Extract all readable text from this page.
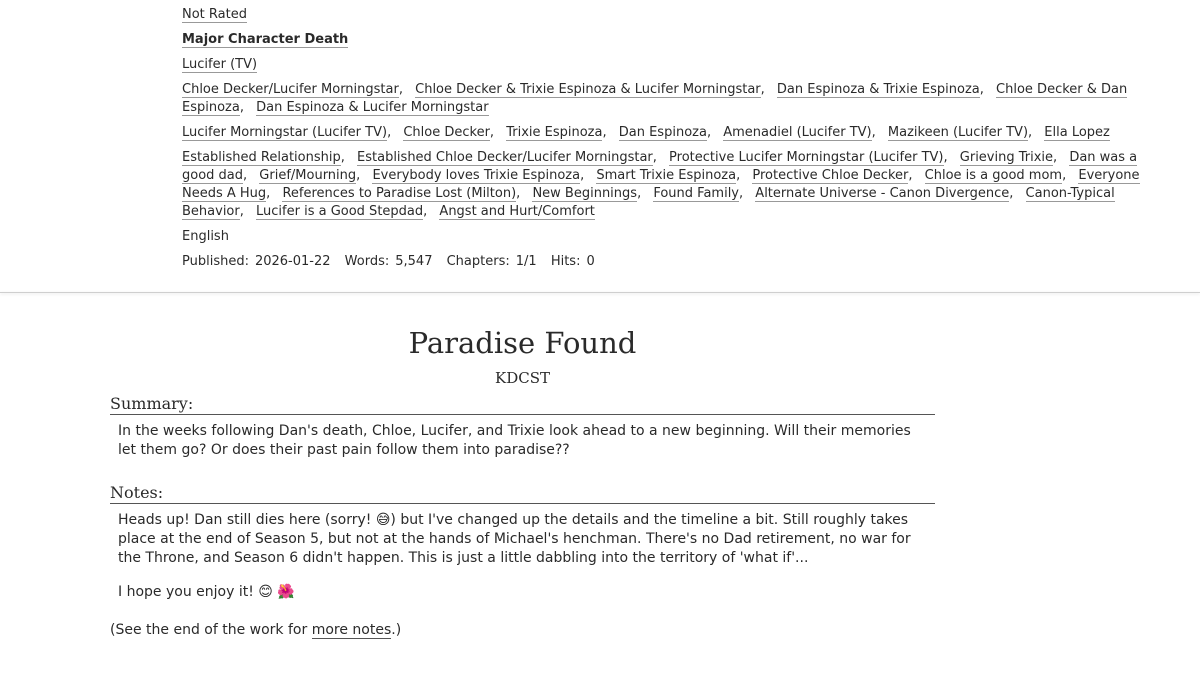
Not Rated
Major Character Death
Lucifer (TV)
Chloe Decker/Lucifer Morningstar, Chloe Decker & Trixie Espinoza & Lucifer Morningstar, Dan Espinoza & Trixie Espinoza, Chloe Decker & Dan Espinoza, Dan Espinoza & Lucifer Morningstar
Lucifer Morningstar (Lucifer TV), Chloe Decker, Trixie Espinoza, Dan Espinoza, Amenadiel (Lucifer TV), Mazikeen (Lucifer TV), Ella Lopez
Established Relationship, Established Chloe Decker/Lucifer Morningstar, Protective Lucifer Morningstar (Lucifer TV), Grieving Trixie, Dan was a good dad, Grief/Mourning, Everybody loves Trixie Espinoza, Smart Trixie Espinoza, Protective Chloe Decker, Chloe is a good mom, Everyone Needs A Hug, References to Paradise Lost (Milton), New Beginnings, Found Family, Alternate Universe - Canon Divergence, Canon-Typical Behavior, Lucifer is a Good Stepdad, Angst and Hurt/Comfort
English
Published: 2026-01-22 Words: 5,547 Chapters: 1/1 Hits: 0
Paradise Found
KDCST
Summary:

In the weeks following Dan's death, Chloe, Lucifer, and Trixie look ahead to a new beginning. Will their memories let them go? Or does their past pain follow them into paradise??

Notes:

Heads up! Dan still dies here (sorry! 😅) but I've changed up the details and the timeline a bit. Still roughly takes place at the end of Season 5, but not at the hands of Michael's henchman. There's no Dad retirement, no war for the Throne, and Season 6 didn't happen. This is just a little dabbling into the territory of 'what if'...

I hope you enjoy it! 😊 🌺

(See the end of the work for more notes.)
